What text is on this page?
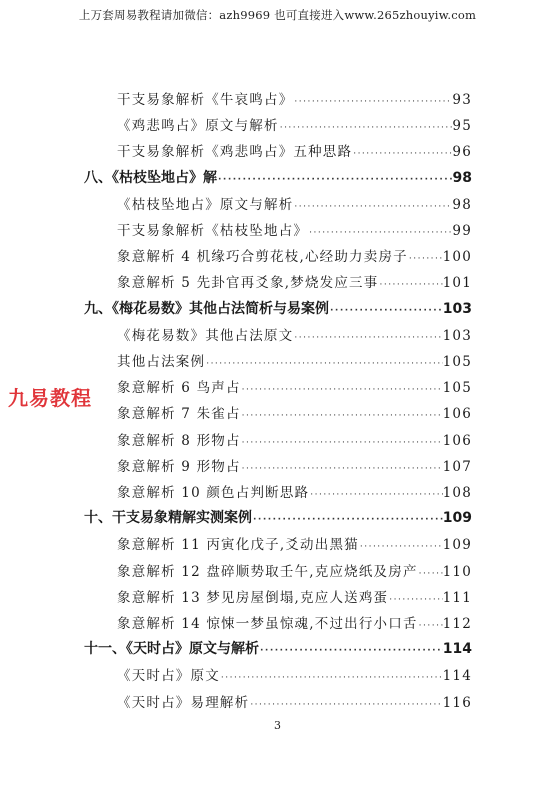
上万套周易教程请加微信：azh9969 也可直接进入www.265zhouyiw.com
九易教程
干支易象解析《牛哀鸣占》 ·····	93
《鸡悲鸣占》原文与解析 ·····	95
干支易象解析《鸡悲鸣占》五种思路 ·····	96
八、《枯枝坠地占》解 ·····	98
《枯枝坠地占》原文与解析 ·····	98
干支易象解析《枯枝坠地占》 ·····	99
象意解析 4 机缘巧合剪花枝,心经助力卖房子 ·····	100
象意解析 5 先卦官再爻象,梦烧发应三事 ·····	101
九、《梅花易数》其他占法简析与易案例 ·····	103
《梅花易数》其他占法原文 ·····	103
其他占法案例 ·····	105
象意解析 6 鸟声占 ·····	105
象意解析 7 朱雀占 ·····	106
象意解析 8 形物占 ·····	106
象意解析 9 形物占 ·····	107
象意解析 10 颜色占判断思路 ·····	108
十、干支易象精解实测案例 ·····	109
象意解析 11 丙寅化戊子,爻动出黑猫 ·····	109
象意解析 12 盘碎顺势取壬午,克应烧纸及房产 ····· 110
象意解析 13 梦见房屋倒塌,克应人送鸡蛋 ·····	111
象意解析 14 惊悚一梦虽惊魂,不过出行小口舌 ····· 112
十一、《天时占》原文与解析 ·····	114
《天时占》原文 ·····	114
《天时占》易理解析 ·····	116
3
